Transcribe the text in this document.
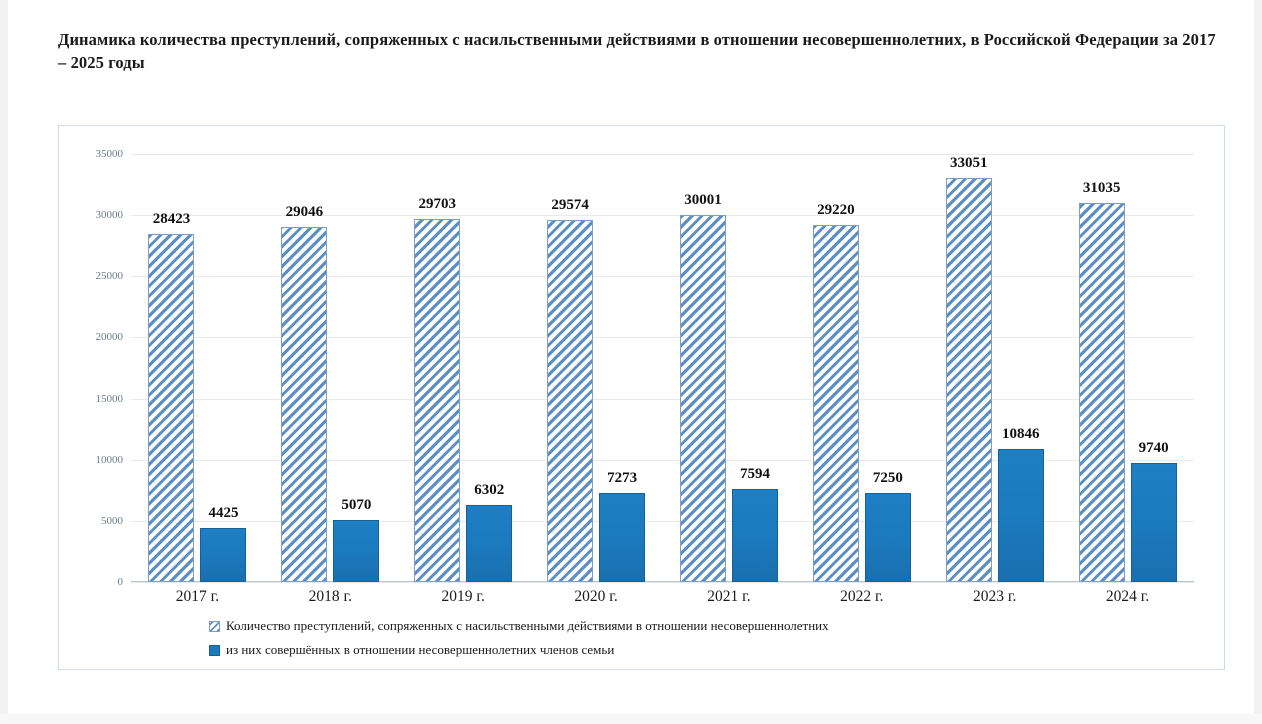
Динамика количества преступлений, сопряженных с насильственными действиями в отношении несовершеннолетних, в Российской Федерации за 2017 – 2025 годы
0
5000
10000
15000
20000
25000
30000
35000
28423
4425
29046
5070
29703
6302
29574
7273
30001
7594
29220
7250
33051
10846
31035
9740
2017 г.	2018 г.	2019 г.	2020 г.	2021 г.	2022 г.	2023 г.	2024 г.
Количество преступлений, сопряженных с насильственными действиями в отношении несовершеннолетних
из них совершённых в отношении несовершеннолетних членов семьи
